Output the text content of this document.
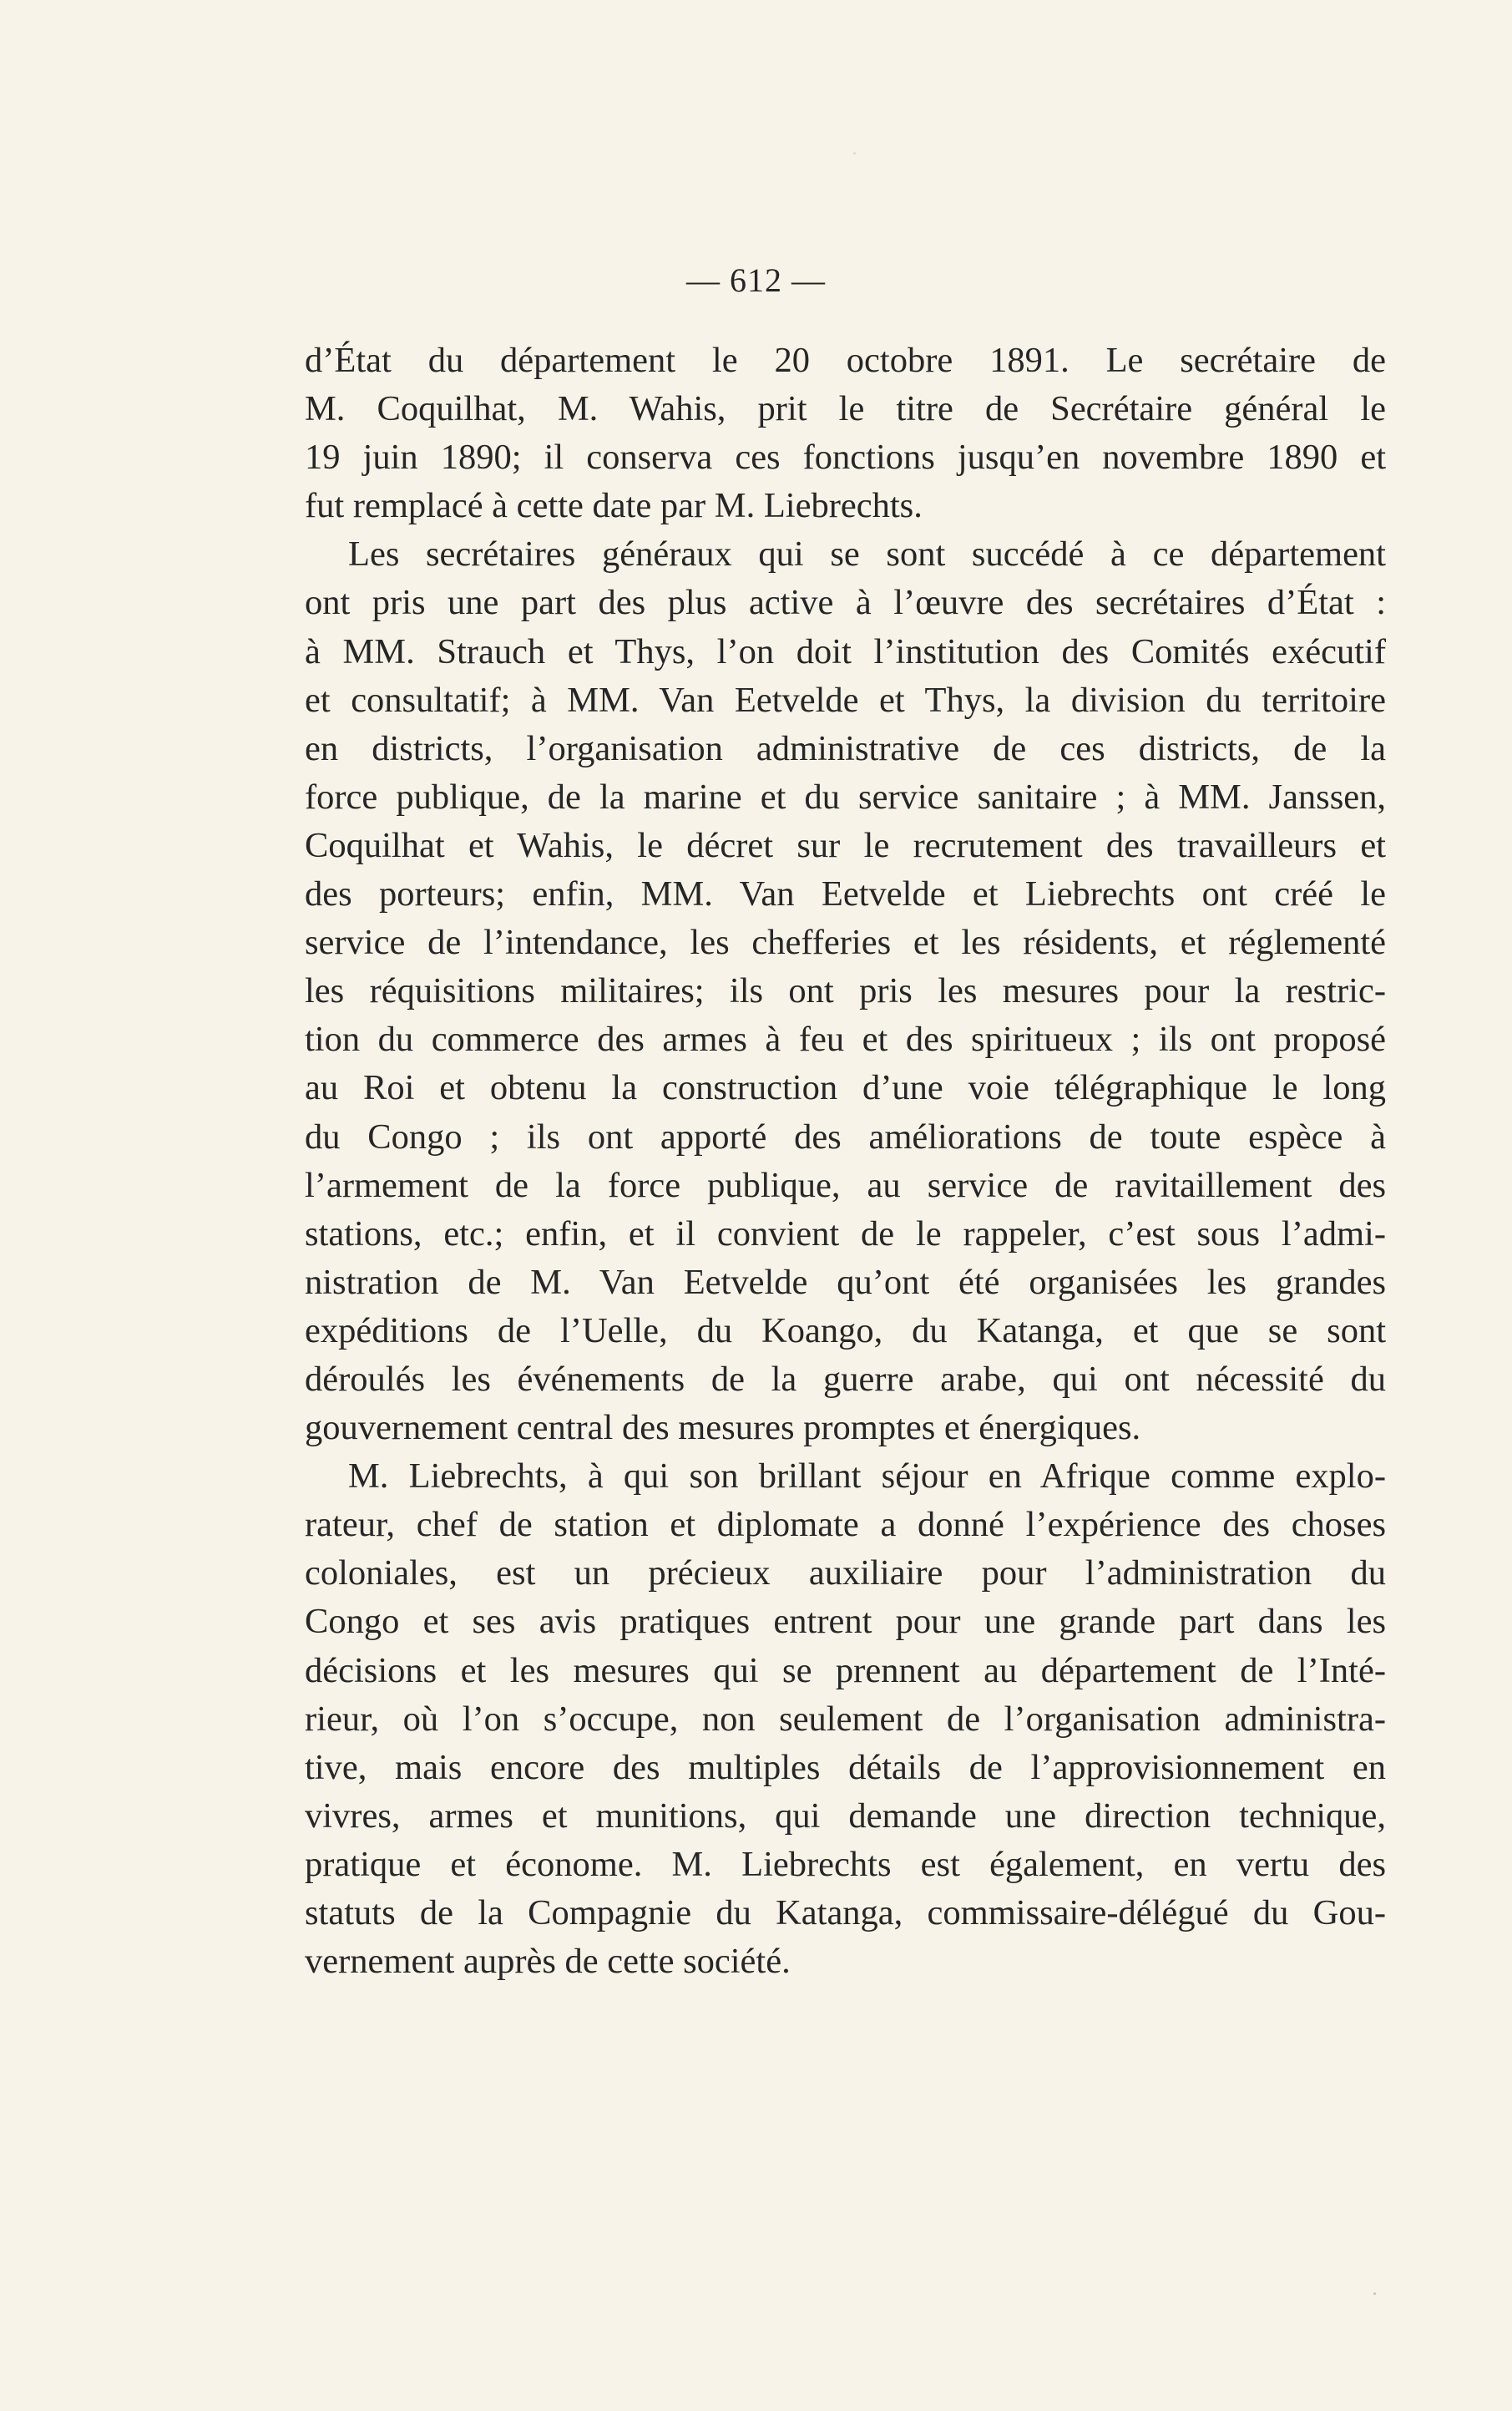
— 612 —
d’État du département le 20 octobre 1891. Le secrétaire de
M. Coquilhat, M. Wahis, prit le titre de Secrétaire général le
19 juin 1890; il conserva ces fonctions jusqu’en novembre 1890 et
fut remplacé à cette date par M. Liebrechts.
Les secrétaires généraux qui se sont succédé à ce département
ont pris une part des plus active à l’œuvre des secrétaires d’État :
à MM. Strauch et Thys, l’on doit l’institution des Comités exécutif
et consultatif; à MM. Van Eetvelde et Thys, la division du territoire
en districts, l’organisation administrative de ces districts, de la
force publique, de la marine et du service sanitaire ; à MM. Janssen,
Coquilhat et Wahis, le décret sur le recrutement des travailleurs et
des porteurs; enfin, MM. Van Eetvelde et Liebrechts ont créé le
service de l’intendance, les chefferies et les résidents, et réglementé
les réquisitions militaires; ils ont pris les mesures pour la restric-
tion du commerce des armes à feu et des spiritueux ; ils ont proposé
au Roi et obtenu la construction d’une voie télégraphique le long
du Congo ; ils ont apporté des améliorations de toute espèce à
l’armement de la force publique, au service de ravitaillement des
stations, etc.; enfin, et il convient de le rappeler, c’est sous l’admi-
nistration de M. Van Eetvelde qu’ont été organisées les grandes
expéditions de l’Uelle, du Koango, du Katanga, et que se sont
déroulés les événements de la guerre arabe, qui ont nécessité du
gouvernement central des mesures promptes et énergiques.
M. Liebrechts, à qui son brillant séjour en Afrique comme explo-
rateur, chef de station et diplomate a donné l’expérience des choses
coloniales, est un précieux auxiliaire pour l’administration du
Congo et ses avis pratiques entrent pour une grande part dans les
décisions et les mesures qui se prennent au département de l’Inté-
rieur, où l’on s’occupe, non seulement de l’organisation administra-
tive, mais encore des multiples détails de l’approvisionnement en
vivres, armes et munitions, qui demande une direction technique,
pratique et économe. M. Liebrechts est également, en vertu des
statuts de la Compagnie du Katanga, commissaire-délégué du Gou-
vernement auprès de cette société.
